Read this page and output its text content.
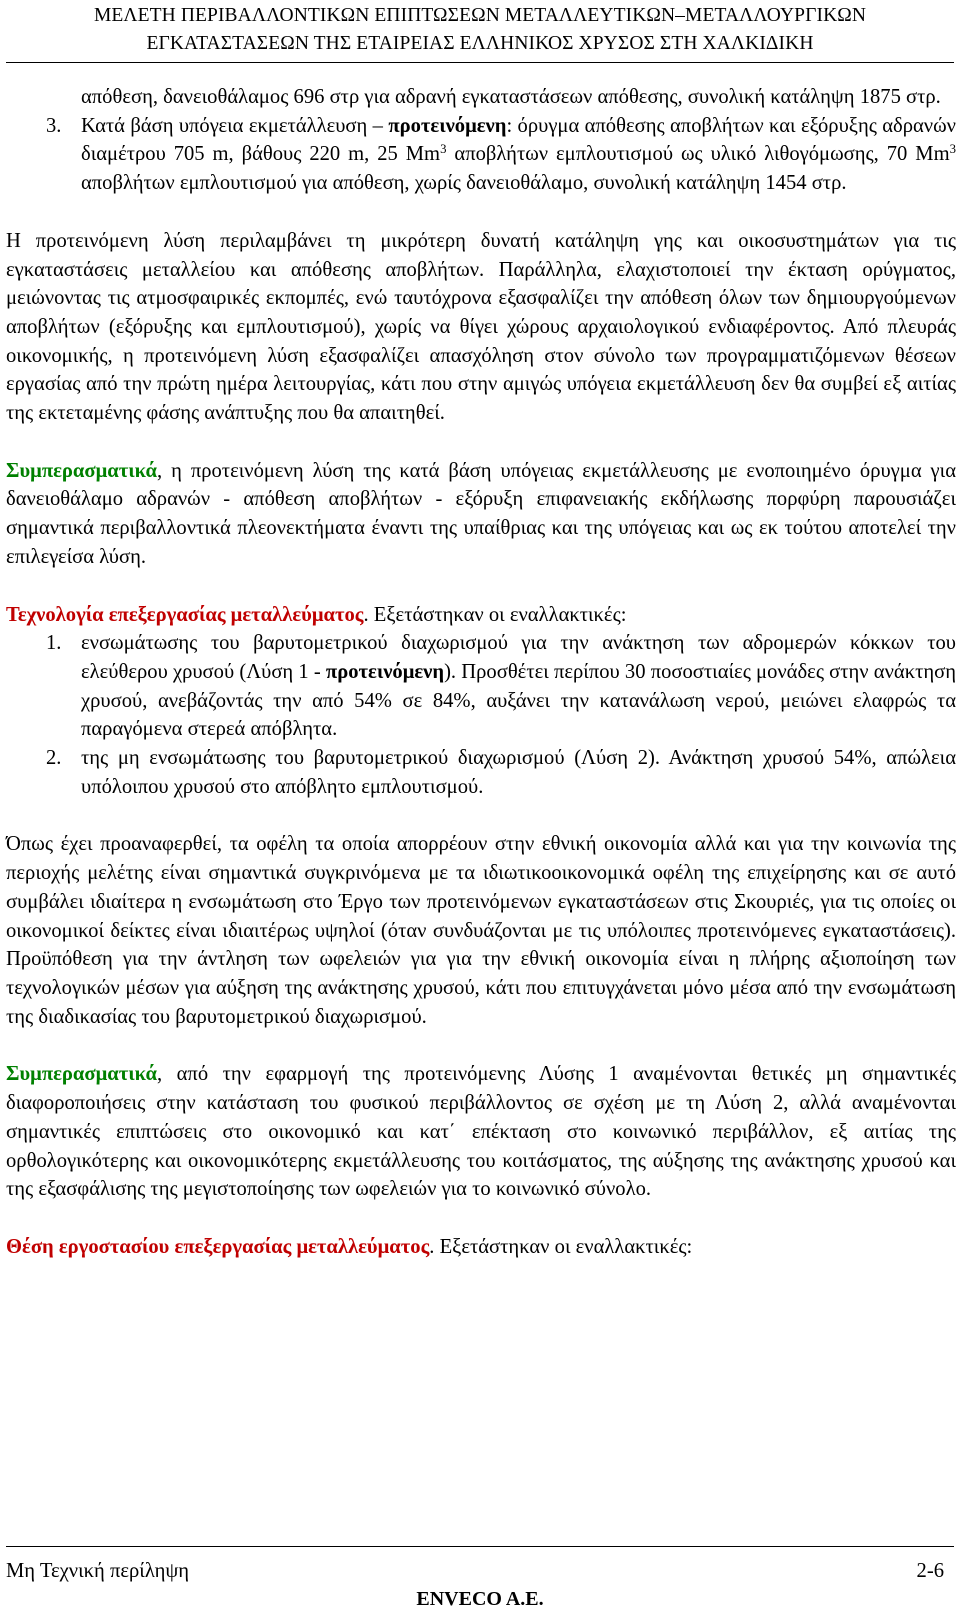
ΜΕΛΕΤΗ ΠΕΡΙΒΑΛΛΟΝΤΙΚΩΝ ΕΠΙΠΤΩΣΕΩΝ ΜΕΤΑΛΛΕΥΤΙΚΩΝ–ΜΕΤΑΛΛΟΥΡΓΙΚΩΝ
ΕΓΚΑΤΑΣΤΑΣΕΩΝ ΤΗΣ ΕΤΑΙΡΕΙΑΣ ΕΛΛΗΝΙΚΟΣ ΧΡΥΣΟΣ ΣΤΗ ΧΑΛΚΙΔΙΚΗ
απόθεση, δανειοθάλαμος 696 στρ για αδρανή εγκαταστάσεων απόθεσης, συνολική κατάληψη 1875 στρ.
3. Κατά βάση υπόγεια εκμετάλλευση – προτεινόμενη: όρυγμα απόθεσης αποβλήτων και εξόρυξης αδρανών διαμέτρου 705 m, βάθους 220 m, 25 Mm$^3$ αποβλήτων εμπλουτισμού ως υλικό λιθογόμωσης, 70 Mm$^3$ αποβλήτων εμπλουτισμού για απόθεση, χωρίς δανειοθάλαμο, συνολική κατάληψη 1454 στρ.

Η προτεινόμενη λύση περιλαμβάνει τη μικρότερη δυνατή κατάληψη γης και οικοσυστημάτων για τις εγκαταστάσεις μεταλλείου και απόθεσης αποβλήτων. Παράλληλα, ελαχιστοποιεί την έκταση ορύγματος, μειώνοντας τις ατμοσφαιρικές εκπομπές, ενώ ταυτόχρονα εξασφαλίζει την απόθεση όλων των δημιουργούμενων αποβλήτων (εξόρυξης και εμπλουτισμού), χωρίς να θίγει χώρους αρχαιολογικού ενδιαφέροντος. Από πλευράς οικονομικής, η προτεινόμενη λύση εξασφαλίζει απασχόληση στον σύνολο των προγραμματιζόμενων θέσεων εργασίας από την πρώτη ημέρα λειτουργίας, κάτι που στην αμιγώς υπόγεια εκμετάλλευση δεν θα συμβεί εξ αιτίας της εκτεταμένης φάσης ανάπτυξης που θα απαιτηθεί.

Συμπερασματικά, η προτεινόμενη λύση της κατά βάση υπόγειας εκμετάλλευσης με ενοποιημένο όρυγμα για δανειοθάλαμο αδρανών - απόθεση αποβλήτων - εξόρυξη επιφανειακής εκδήλωσης πορφύρη παρουσιάζει σημαντικά περιβαλλοντικά πλεονεκτήματα έναντι της υπαίθριας και της υπόγειας και ως εκ τούτου αποτελεί την επιλεγείσα λύση.

Τεχνολογία επεξεργασίας μεταλλεύματος. Εξετάστηκαν οι εναλλακτικές:

1. ενσωμάτωσης του βαρυτομετρικού διαχωρισμού για την ανάκτηση των αδρομερών κόκκων του ελεύθερου χρυσού (Λύση 1 - προτεινόμενη). Προσθέτει περίπου 30 ποσοστιαίες μονάδες στην ανάκτηση χρυσού, ανεβάζοντάς την από 54% σε 84%, αυξάνει την κατανάλωση νερού, μειώνει ελαφρώς τα παραγόμενα στερεά απόβλητα.
2. της μη ενσωμάτωσης του βαρυτομετρικού διαχωρισμού (Λύση 2). Ανάκτηση χρυσού 54%, απώλεια υπόλοιπου χρυσού στο απόβλητο εμπλουτισμού.

Όπως έχει προαναφερθεί, τα οφέλη τα οποία απορρέουν στην εθνική οικονομία αλλά και για την κοινωνία της περιοχής μελέτης είναι σημαντικά συγκρινόμενα με τα ιδιωτικοοικονομικά οφέλη της επιχείρησης και σε αυτό συμβάλει ιδιαίτερα η ενσωμάτωση στο Έργο των προτεινόμενων εγκαταστάσεων στις Σκουριές, για τις οποίες οι οικονομικοί δείκτες είναι ιδιαιτέρως υψηλοί (όταν συνδυάζονται με τις υπόλοιπες προτεινόμενες εγκαταστάσεις). Προϋπόθεση για την άντληση των ωφελειών για για την εθνική οικονομία είναι η πλήρης αξιοποίηση των τεχνολογικών μέσων για αύξηση της ανάκτησης χρυσού, κάτι που επιτυγχάνεται μόνο μέσα από την ενσωμάτωση της διαδικασίας του βαρυτομετρικού διαχωρισμού.

Συμπερασματικά, από την εφαρμογή της προτεινόμενης Λύσης 1 αναμένονται θετικές μη σημαντικές διαφοροποιήσεις στην κατάσταση του φυσικού περιβάλλοντος σε σχέση με τη Λύση 2, αλλά αναμένονται σημαντικές επιπτώσεις στο οικονομικό και κατ΄ επέκταση στο κοινωνικό περιβάλλον, εξ αιτίας της ορθολογικότερης και οικονομικότερης εκμετάλλευσης του κοιτάσματος, της αύξησης της ανάκτησης χρυσού και της εξασφάλισης της μεγιστοποίησης των ωφελειών για το κοινωνικό σύνολο.

Θέση εργοστασίου επεξεργασίας μεταλλεύματος. Εξετάστηκαν οι εναλλακτικές:

Μη Τεχνική περίληψη	2-6
ENVECO A.E.
